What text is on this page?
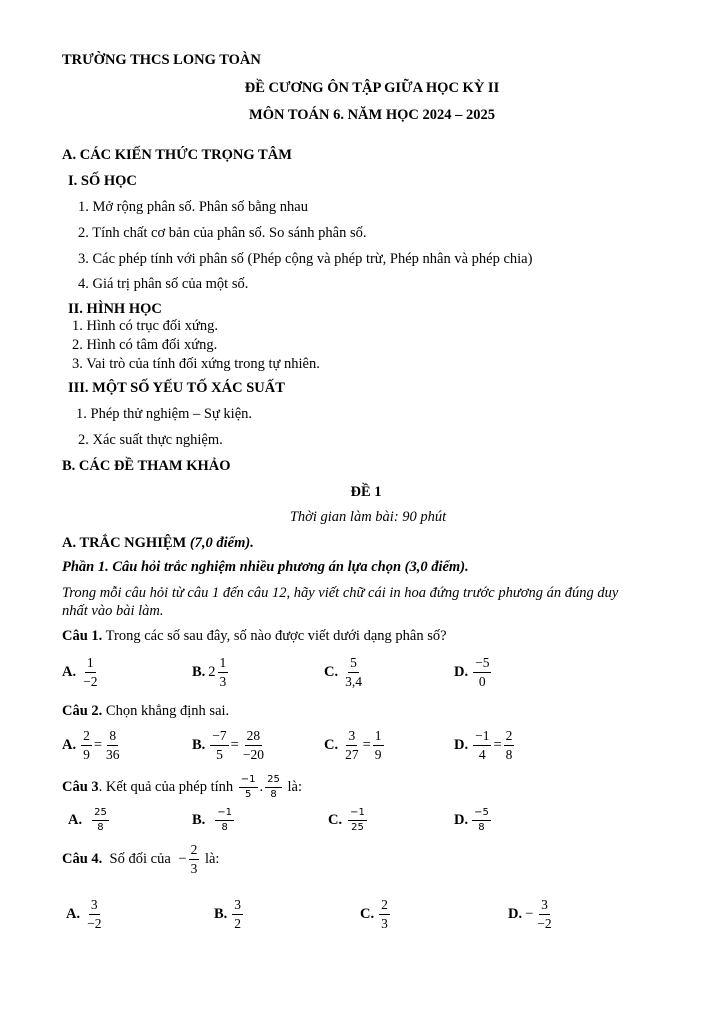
TRƯỜNG THCS LONG TOÀN
ĐỀ CƯƠNG ÔN TẬP GIỮA HỌC KỲ II
MÔN TOÁN 6. NĂM HỌC 2024 – 2025
A. CÁC KIẾN THỨC TRỌNG TÂM
I. SỐ HỌC
1. Mở rộng phân số. Phân số bằng nhau
2. Tính chất cơ bản của phân số. So sánh phân số.
3. Các phép tính với phân số (Phép cộng và phép trừ, Phép nhân và phép chia)
4. Giá trị phân số của một số.
II. HÌNH HỌC
1. Hình có trục đối xứng.
2. Hình có tâm đối xứng.
3. Vai trò của tính đối xứng trong tự nhiên.
III. MỘT SỐ YẾU TỐ XÁC SUẤT
1. Phép thử nghiệm – Sự kiện.
2. Xác suất thực nghiệm.
B. CÁC ĐỀ THAM KHẢO
ĐỀ 1
Thời gian làm bài: 90 phút
A. TRẮC NGHIỆM (7,0 điểm).
Phần 1. Câu hỏi trắc nghiệm nhiều phương án lựa chọn (3,0 điểm).
Trong mỗi câu hỏi từ câu 1 đến câu 12, hãy viết chữ cái in hoa đứng trước phương án đúng duy
nhất vào bài làm.
Câu 1. Trong các số sau đây, số nào được viết dưới dạng phân số?
A. $\frac{1}{-2}$	B. $2 \frac{1}{3}$	C. $\frac{5}{3,4}$	D. $\frac{-5}{0}$
Câu 2. Chọn khẳng định sai.
A. $\frac{2}{9} = \frac{8}{36}$	B. $\frac{-7}{5} = \frac{28}{-20}$	C. $\frac{3}{27} = \frac{1}{9}$	D. $\frac{-1}{4} = \frac{2}{8}$
Câu 3 . Kết quả của phép tính $\frac{-1}{5}$ . $\frac{25}{8}$ là:
A. $\frac{25}{8}$	B. $\frac{-1}{8}$	C. $\frac{-1}{25}$	D. $\frac{-5}{8}$
Câu 4. Số đối của − $\frac{2}{3}$ là:
A. $\frac{3}{-2}$	B. $\frac{3}{2}$	C. $\frac{2}{3}$	D. − $\frac{3}{-2}$
